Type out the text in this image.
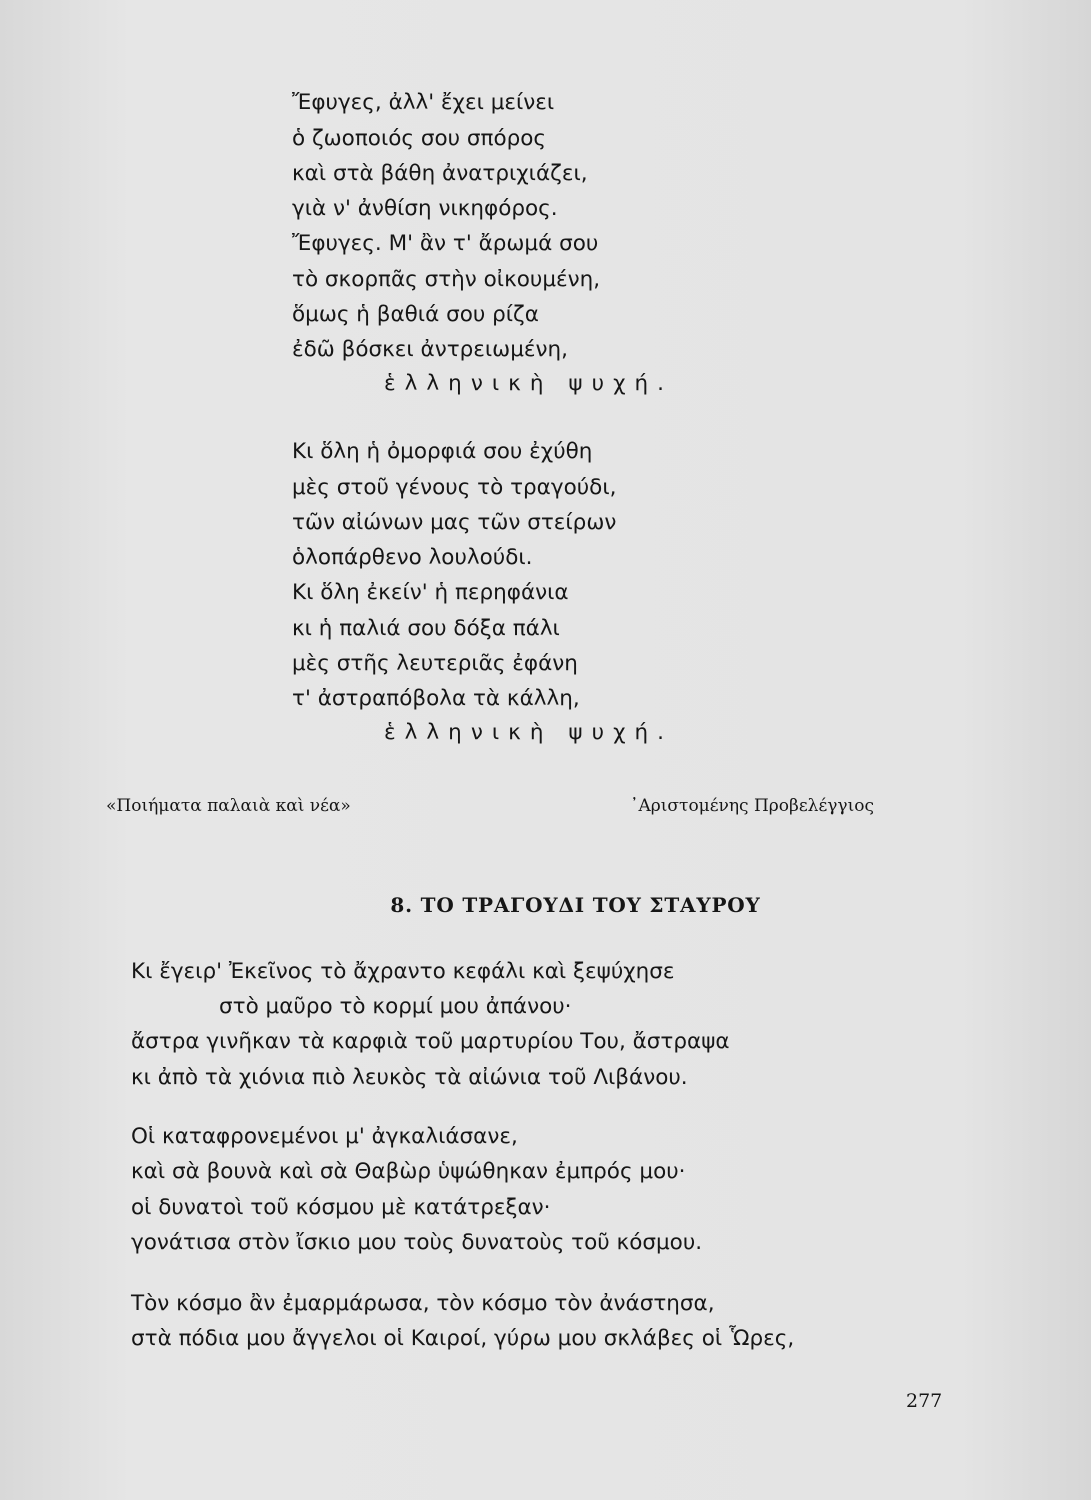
Ἔφυγες, ἀλλ' ἔχει μείνει
ὁ ζωοποιός σου σπόρος
καὶ στὰ βάθη ἀνατριχιάζει,
γιὰ ν' ἀνθίση νικηφόρος.
Ἔφυγες. Μ' ἂν τ' ἄρωμά σου
τὸ σκορπᾶς στὴν οἰκουμένη,
ὅμως ἡ βαθιά σου ρίζα
ἐδῶ βόσκει ἀντρειωμένη,
ἑλληνικὴ ψυχή.
Κι ὅλη ἡ ὀμορφιά σου ἐχύθη
μὲς στοῦ γένους τὸ τραγούδι,
τῶν αἰώνων μας τῶν στείρων
ὁλοπάρθενο λουλούδι.
Κι ὅλη ἐκείν' ἡ περηφάνια
κι ἡ παλιά σου δόξα πάλι
μὲς στῆς λευτεριᾶς ἐφάνη
τ' ἀστραπόβολα τὰ κάλλη,
ἑλληνικὴ ψυχή.
«Ποιήματα παλαιὰ καὶ νέα»	᾿Αριστομένης Προβελέγγιος
8. ΤΟ ΤΡΑΓΟΥΔΙ ΤΟΥ ΣΤΑΥΡΟΥ
Κι ἔγειρ' Ἐκεῖνος τὸ ἄχραντο κεφάλι καὶ ξεψύχησε
στὸ μαῦρο τὸ κορμί μου ἀπάνου·
ἄστρα γινῆκαν τὰ καρφιὰ τοῦ μαρτυρίου Του, ἄστραψα
κι ἀπὸ τὰ χιόνια πιὸ λευκὸς τὰ αἰώνια τοῦ Λιβάνου.
Οἱ καταφρονεμένοι μ' ἀγκαλιάσανε,
καὶ σὰ βουνὰ καὶ σὰ Θαβὼρ ὑψώθηκαν ἐμπρός μου·
οἱ δυνατοὶ τοῦ κόσμου μὲ κατάτρεξαν·
γονάτισα στὸν ἴσκιο μου τοὺς δυνατοὺς τοῦ κόσμου.
Τὸν κόσμο ἂν ἐμαρμάρωσα, τὸν κόσμο τὸν ἀνάστησα,
στὰ πόδια μου ἄγγελοι οἱ Καιροί, γύρω μου σκλάβες οἱ Ὧρες,
277
